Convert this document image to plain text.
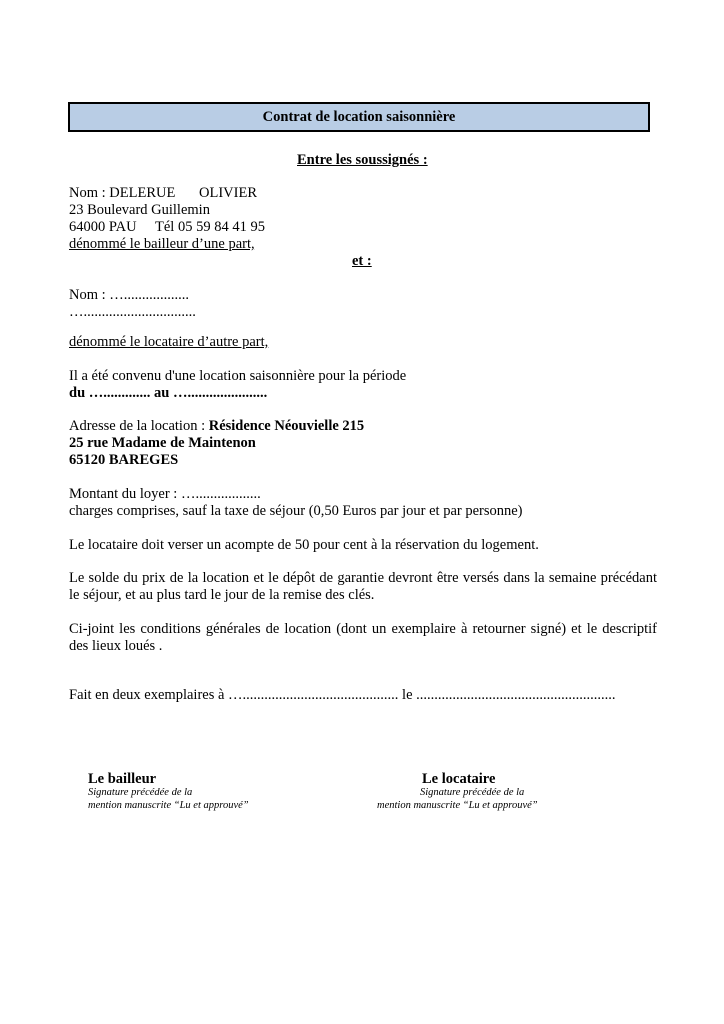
Contrat de location saisonnière
Entre les soussignés :
Nom : DELERUE OLIVIER
23 Boulevard Guillemin
64000 PAU Tél 05 59 84 41 95
dénommé le bailleur d’une part,
et :
Nom : …..................
…...............................
dénommé le locataire d’autre part,
Il a été convenu d'une location saisonnière pour la période
du …............. au …......................
Adresse de la location : Résidence Néouvielle 215
25 rue Madame de Maintenon
65120 BAREGES
Montant du loyer : …..................
charges comprises, sauf la taxe de séjour (0,50 Euros par jour et par personne)
Le locataire doit verser un acompte de 50 pour cent à la réservation du logement.
Le solde du prix de la location et le dépôt de garantie devront être versés dans la semaine précédant le séjour, et au plus tard le jour de la remise des clés.
Ci-joint les conditions générales de location (dont un exemplaire à retourner signé) et le descriptif des lieux loués .
Fait en deux exemplaires à …........................................... le .......................................................
Le bailleur
Signature précédée de la
mention manuscrite “Lu et approuvé”
Le locataire
Signature précédée de la
mention manuscrite “Lu et approuvé”
